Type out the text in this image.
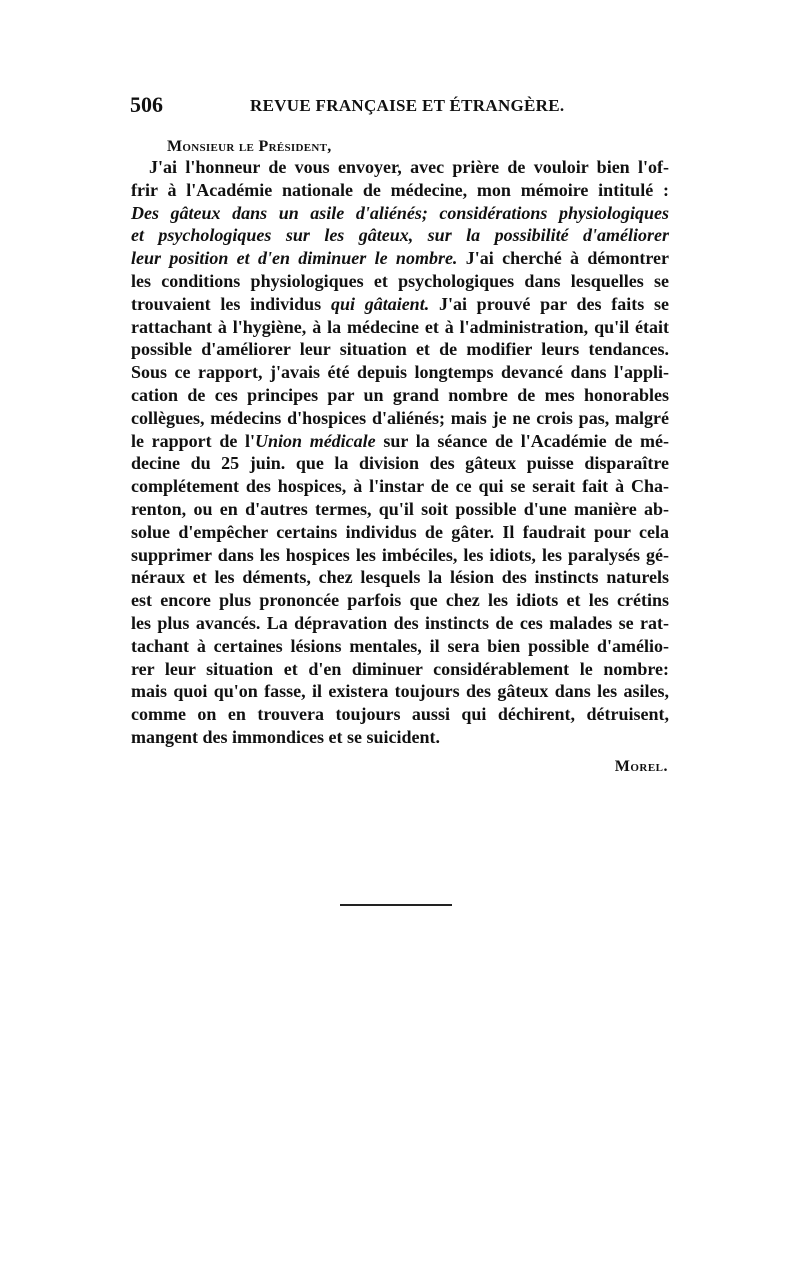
506	REVUE FRANÇAISE ET ÉTRANGÈRE.
Monsieur le Président,
J'ai l'honneur de vous envoyer, avec prière de vouloir bien l'of-
frir à l'Académie nationale de médecine, mon mémoire intitulé :
Des gâteux dans un asile d'aliénés; considérations physiologiques
et psychologiques sur les gâteux, sur la possibilité d'améliorer
leur position et d'en diminuer le nombre. J'ai cherché à démontrer
les conditions physiologiques et psychologiques dans lesquelles se
trouvaient les individus qui gâtaient. J'ai prouvé par des faits se
rattachant à l'hygiène, à la médecine et à l'administration, qu'il était
possible d'améliorer leur situation et de modifier leurs tendances.
Sous ce rapport, j'avais été depuis longtemps devancé dans l'appli-
cation de ces principes par un grand nombre de mes honorables
collègues, médecins d'hospices d'aliénés; mais je ne crois pas, malgré
le rapport de l'Union médicale sur la séance de l'Académie de mé-
decine du 25 juin. que la division des gâteux puisse disparaître
complétement des hospices, à l'instar de ce qui se serait fait à Cha-
renton, ou en d'autres termes, qu'il soit possible d'une manière ab-
solue d'empêcher certains individus de gâter. Il faudrait pour cela
supprimer dans les hospices les imbéciles, les idiots, les paralysés gé-
néraux et les déments, chez lesquels la lésion des instincts naturels
est encore plus prononcée parfois que chez les idiots et les crétins
les plus avancés. La dépravation des instincts de ces malades se rat-
tachant à certaines lésions mentales, il sera bien possible d'amélio-
rer leur situation et d'en diminuer considérablement le nombre:
mais quoi qu'on fasse, il existera toujours des gâteux dans les asiles,
comme on en trouvera toujours aussi qui déchirent, détruisent,
mangent des immondices et se suicident.
Morel.
